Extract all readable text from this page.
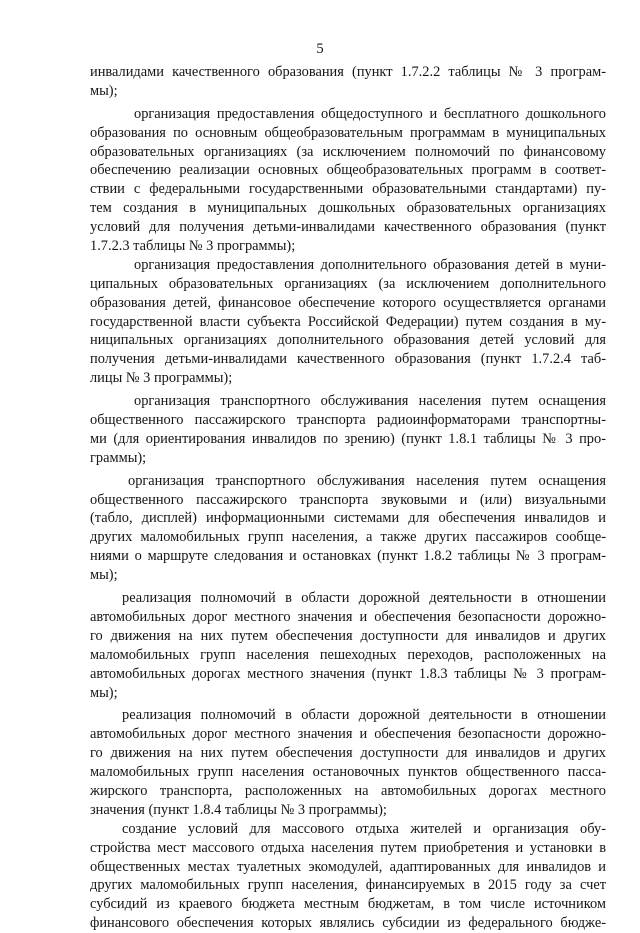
5
инвалидами качественного образования (пункт 1.7.2.2 таблицы № 3 програм-
мы);
организация предоставления общедоступного и бесплатного дошкольного
образования по основным общеобразовательным программам в муниципальных
образовательных организациях (за исключением полномочий по финансовому
обеспечению реализации основных общеобразовательных программ в соответ-
ствии с федеральными государственными образовательными стандартами) пу-
тем создания в муниципальных дошкольных образовательных организациях
условий для получения детьми-инвалидами качественного образования (пункт
1.7.2.3 таблицы № 3 программы);
организация предоставления дополнительного образования детей в муни-
ципальных образовательных организациях (за исключением дополнительного
образования детей, финансовое обеспечение которого осуществляется органами
государственной власти субъекта Российской Федерации) путем создания в му-
ниципальных организациях дополнительного образования детей условий для
получения детьми-инвалидами качественного образования (пункт 1.7.2.4 таб-
лицы № 3 программы);
организация транспортного обслуживания населения путем оснащения
общественного пассажирского транспорта радиоинформаторами транспортны-
ми (для ориентирования инвалидов по зрению) (пункт 1.8.1 таблицы № 3 про-
граммы);
организация транспортного обслуживания населения путем оснащения
общественного пассажирского транспорта звуковыми и (или) визуальными
(табло, дисплей) информационными системами для обеспечения инвалидов и
других маломобильных групп населения, а также других пассажиров сообще-
ниями о маршруте следования и остановках (пункт 1.8.2 таблицы № 3 програм-
мы);
реализация полномочий в области дорожной деятельности в отношении
автомобильных дорог местного значения и обеспечения безопасности дорожно-
го движения на них путем обеспечения доступности для инвалидов и других
маломобильных групп населения пешеходных переходов, расположенных на
автомобильных дорогах местного значения (пункт 1.8.3 таблицы № 3 програм-
мы);
реализация полномочий в области дорожной деятельности в отношении
автомобильных дорог местного значения и обеспечения безопасности дорожно-
го движения на них путем обеспечения доступности для инвалидов и других
маломобильных групп населения остановочных пунктов общественного пасса-
жирского транспорта, расположенных на автомобильных дорогах местного
значения (пункт 1.8.4 таблицы № 3 программы);
создание условий для массового отдыха жителей и организация обу-
стройства мест массового отдыха населения путем приобретения и установки в
общественных местах туалетных экомодулей, адаптированных для инвалидов и
других маломобильных групп населения, финансируемых в 2015 году за счет
субсидий из краевого бюджета местным бюджетам, в том числе источником
финансового обеспечения которых являлись субсидии из федерального бюдже-
